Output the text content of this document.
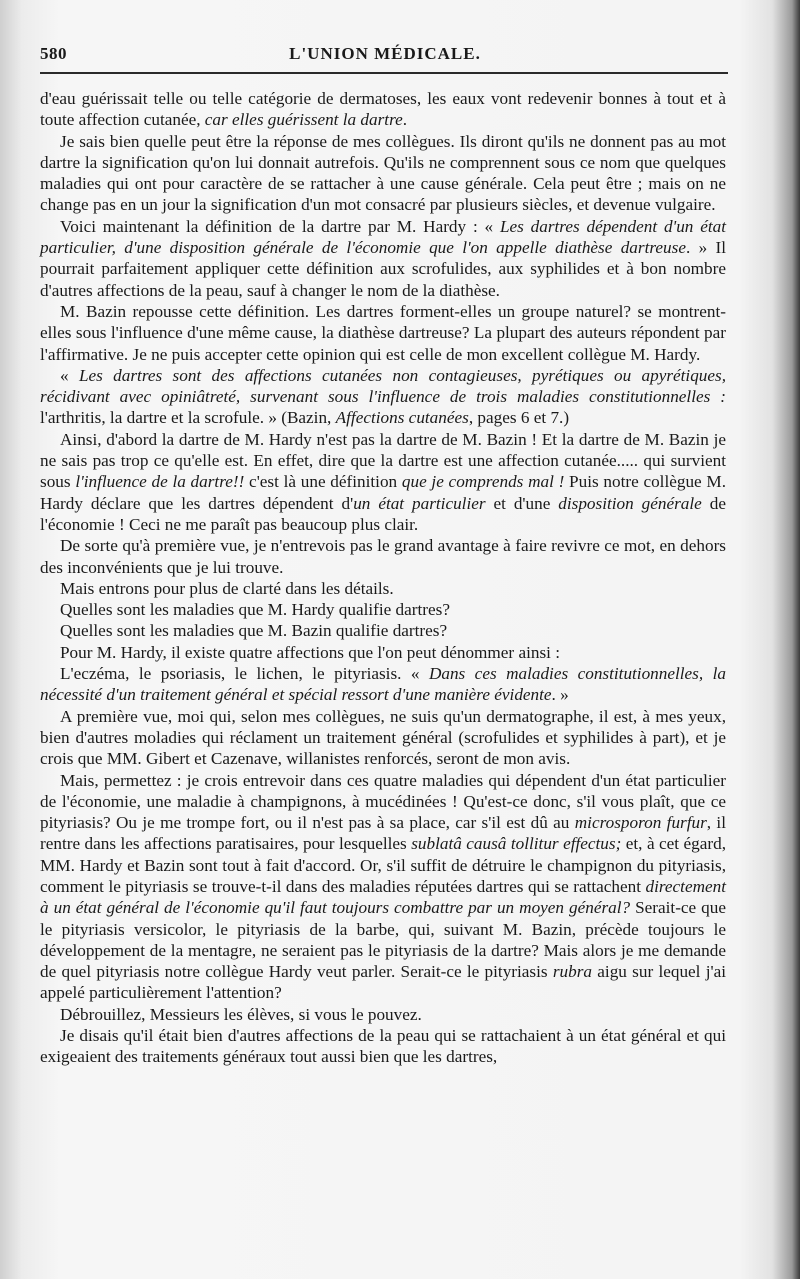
580	L'UNION MÉDICALE.

d'eau guérissait telle ou telle catégorie de dermatoses, les eaux vont redevenir bonnes à tout et à toute affection cutanée, car elles guérissent la dartre.

Je sais bien quelle peut être la réponse de mes collègues. Ils diront qu'ils ne donnent pas au mot dartre la signification qu'on lui donnait autrefois. Qu'ils ne comprennent sous ce nom que quelques maladies qui ont pour caractère de se rattacher à une cause générale. Cela peut être ; mais on ne change pas en un jour la signification d'un mot consacré par plusieurs siècles, et devenue vulgaire.

Voici maintenant la définition de la dartre par M. Hardy : « Les dartres dépendent d'un état particulier, d'une disposition générale de l'économie que l'on appelle diathèse dartreuse. » Il pourrait parfaitement appliquer cette définition aux scrofulides, aux syphilides et à bon nombre d'autres affections de la peau, sauf à changer le nom de la diathèse.

M. Bazin repousse cette définition. Les dartres forment-elles un groupe naturel? se montrent-elles sous l'influence d'une même cause, la diathèse dartreuse? La plupart des auteurs répondent par l'affirmative. Je ne puis accepter cette opinion qui est celle de mon excellent collègue M. Hardy.

« Les dartres sont des affections cutanées non contagieuses, pyrétiques ou apyrétiques, récidivant avec opiniâtreté, survenant sous l'influence de trois maladies constitutionnelles : l'arthritis, la dartre et la scrofule. » (Bazin, Affections cutanées, pages 6 et 7.)

Ainsi, d'abord la dartre de M. Hardy n'est pas la dartre de M. Bazin ! Et la dartre de M. Bazin je ne sais pas trop ce qu'elle est. En effet, dire que la dartre est une affection cutanée..... qui survient sous l'influence de la dartre!! c'est là une définition que je comprends mal ! Puis notre collègue M. Hardy déclare que les dartres dépendent d'un état particulier et d'une disposition générale de l'économie ! Ceci ne me paraît pas beaucoup plus clair.

De sorte qu'à première vue, je n'entrevois pas le grand avantage à faire revivre ce mot, en dehors des inconvénients que je lui trouve.

Mais entrons pour plus de clarté dans les détails.

Quelles sont les maladies que M. Hardy qualifie dartres?

Quelles sont les maladies que M. Bazin qualifie dartres?

Pour M. Hardy, il existe quatre affections que l'on peut dénommer ainsi :

L'eczéma, le psoriasis, le lichen, le pityriasis. « Dans ces maladies constitutionnelles, la nécessité d'un traitement général et spécial ressort d'une manière évidente. »

A première vue, moi qui, selon mes collègues, ne suis qu'un dermatographe, il est, à mes yeux, bien d'autres moladies qui réclament un traitement général (scrofulides et syphilides à part), et je crois que MM. Gibert et Cazenave, willanistes renforcés, seront de mon avis.

Mais, permettez : je crois entrevoir dans ces quatre maladies qui dépendent d'un état particulier de l'économie, une maladie à champignons, à mucédinées ! Qu'est-ce donc, s'il vous plaît, que ce pityriasis? Ou je me trompe fort, ou il n'est pas à sa place, car s'il est dû au microsporon furfur, il rentre dans les affections paratisaires, pour lesquelles sublatâ causâ tollitur effectus; et, à cet égard, MM. Hardy et Bazin sont tout à fait d'accord. Or, s'il suffit de détruire le champignon du pityriasis, comment le pityriasis se trouve-t-il dans des maladies réputées dartres qui se rattachent directement à un état général de l'économie qu'il faut toujours combattre par un moyen général? Serait-ce que le pityriasis versicolor, le pityriasis de la barbe, qui, suivant M. Bazin, précède toujours le développement de la mentagre, ne seraient pas le pityriasis de la dartre? Mais alors je me demande de quel pityriasis notre collègue Hardy veut parler. Serait-ce le pityriasis rubra aigu sur lequel j'ai appelé particulièrement l'attention?

Débrouillez, Messieurs les élèves, si vous le pouvez.

Je disais qu'il était bien d'autres affections de la peau qui se rattachaient à un état général et qui exigeaient des traitements généraux tout aussi bien que les dartres,
